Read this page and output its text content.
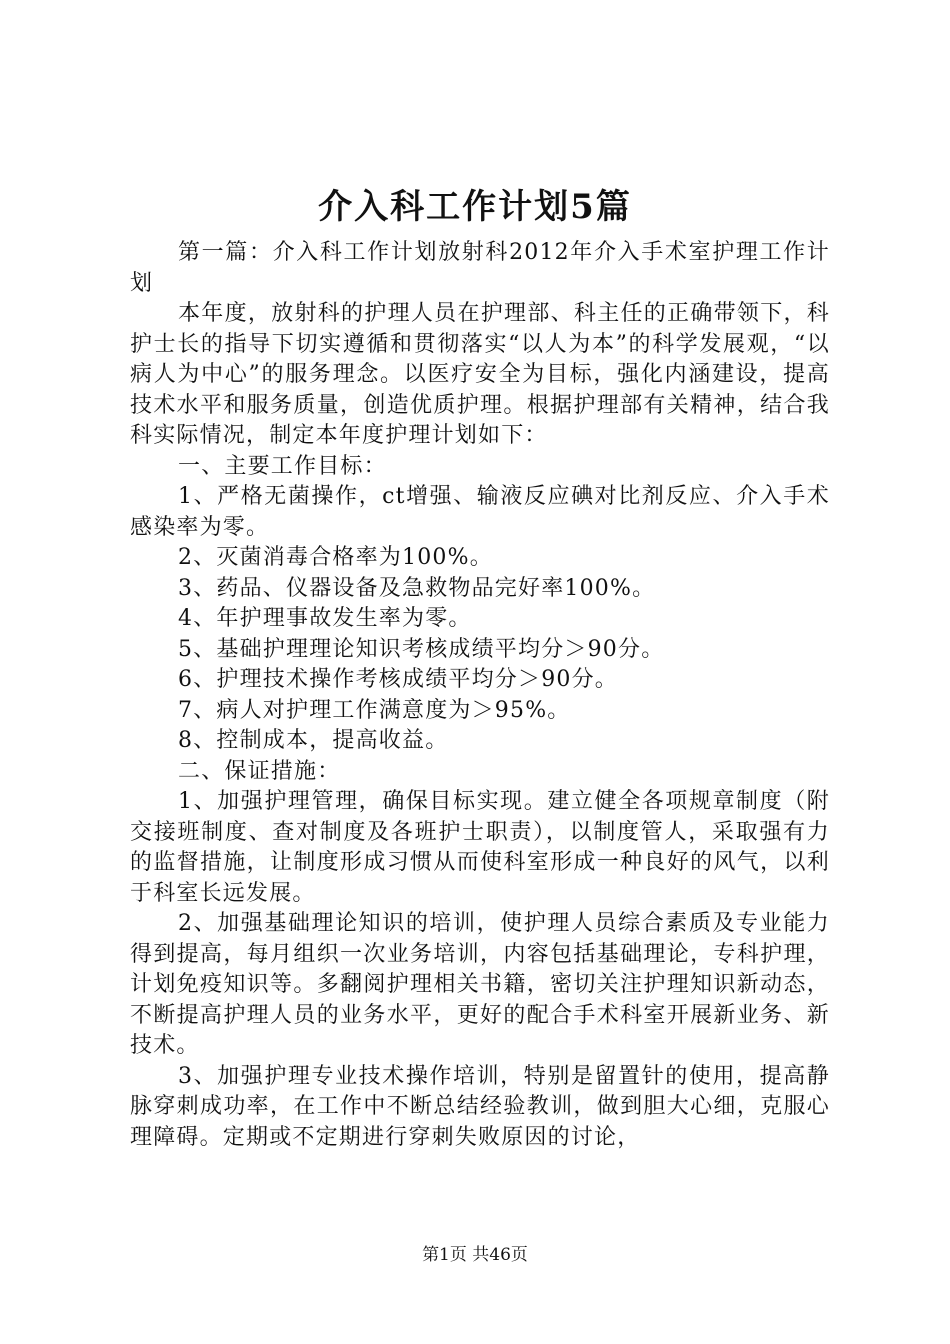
介入科工作计划5篇

第一篇：介入科工作计划放射科2012年介入手术室护理工作计划

本年度，放射科的护理人员在护理部、科主任的正确带领下，科护士长的指导下切实遵循和贯彻落实“以人为本”的科学发展观，“以病人为中心”的服务理念。以医疗安全为目标，强化内涵建设，提高技术水平和服务质量，创造优质护理。根据护理部有关精神，结合我科实际情况，制定本年度护理计划如下：

一、主要工作目标：

1、严格无菌操作，ct增强、输液反应碘对比剂反应、介入手术感染率为零。

2、灭菌消毒合格率为100%。

3、药品、仪器设备及急救物品完好率100%。

4、年护理事故发生率为零。

5、基础护理理论知识考核成绩平均分＞90分。

6、护理技术操作考核成绩平均分＞90分。

7、病人对护理工作满意度为＞95%。

8、控制成本，提高收益。

二、保证措施：

1、加强护理管理，确保目标实现。建立健全各项规章制度（附交接班制度、查对制度及各班护士职责），以制度管人，采取强有力的监督措施，让制度形成习惯从而使科室形成一种良好的风气，以利于科室长远发展。

2、加强基础理论知识的培训，使护理人员综合素质及专业能力得到提高，每月组织一次业务培训，内容包括基础理论，专科护理，计划免疫知识等。多翻阅护理相关书籍，密切关注护理知识新动态，不断提高护理人员的业务水平，更好的配合手术科室开展新业务、新技术。

3、加强护理专业技术操作培训，特别是留置针的使用，提高静脉穿刺成功率，在工作中不断总结经验教训，做到胆大心细，克服心理障碍。定期或不定期进行穿刺失败原因的讨论，

第1页 共46页
